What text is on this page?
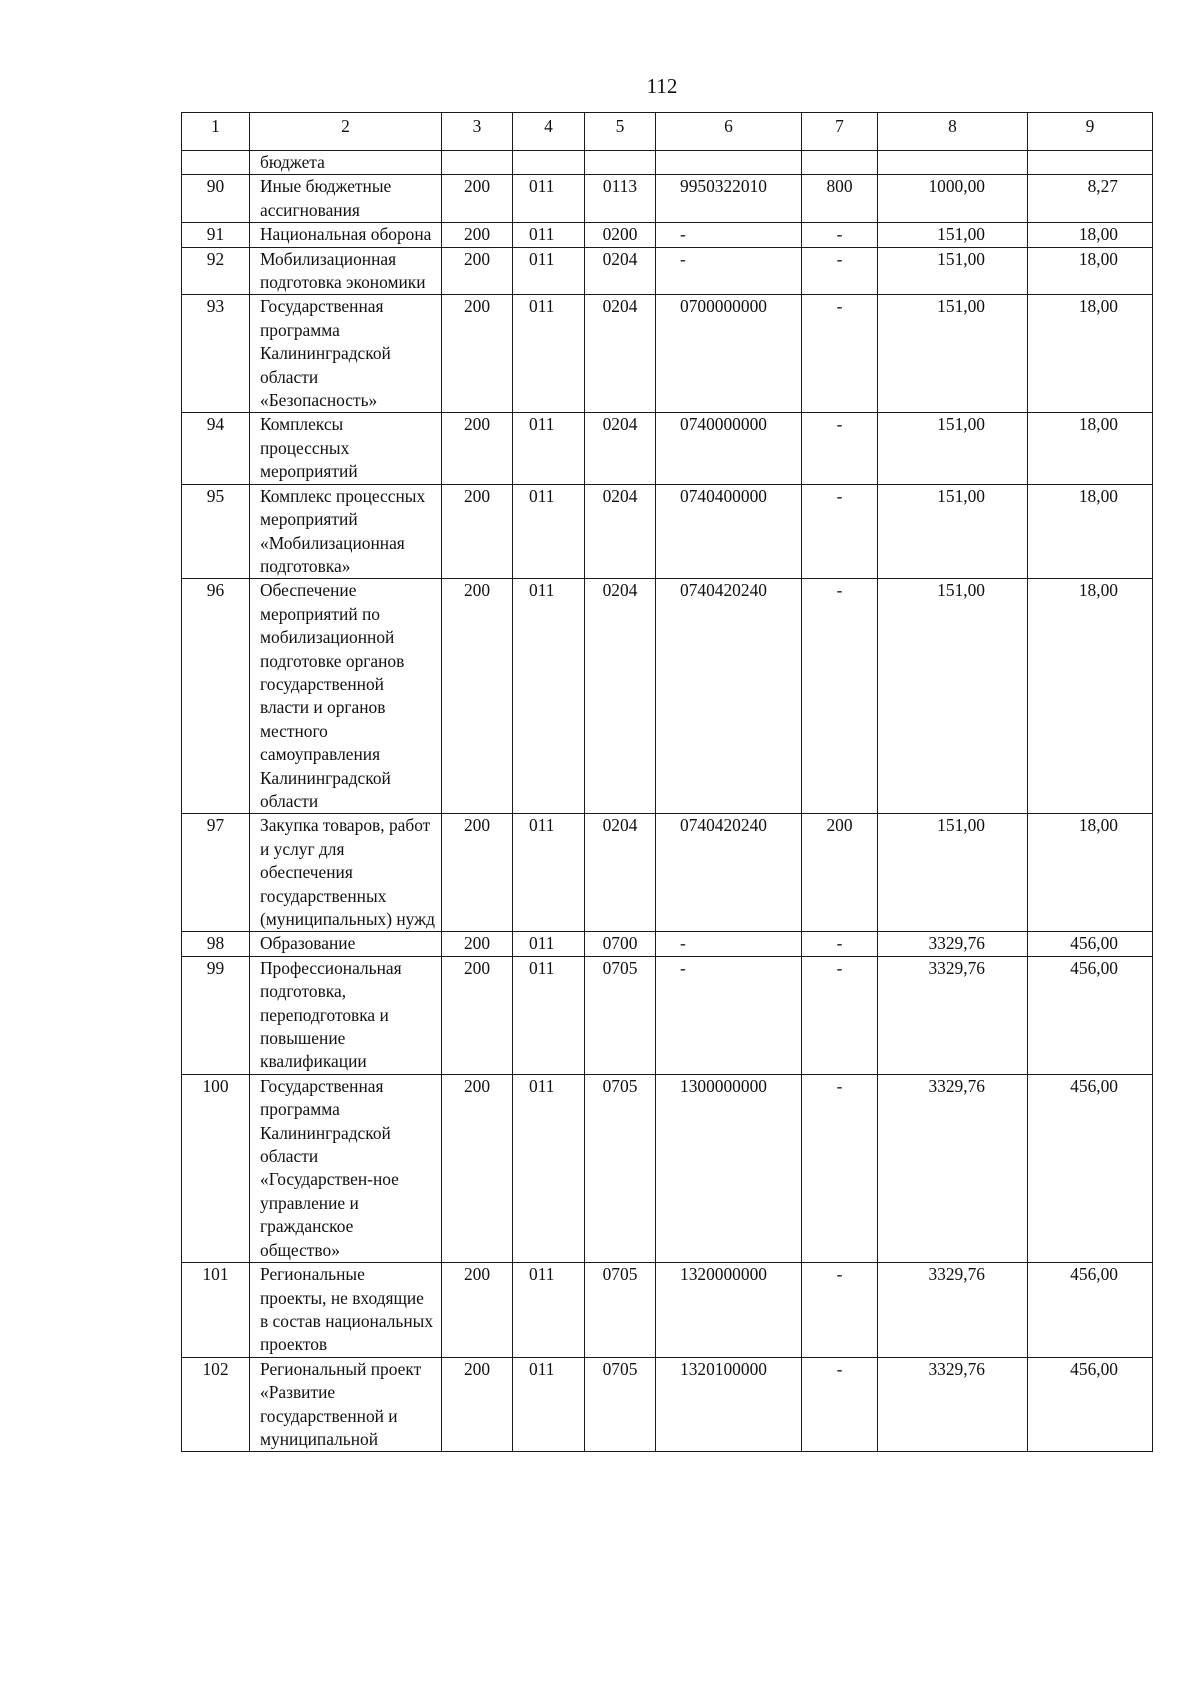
112
1	2	3	4	5	6	7	8	9
	бюджета							
90	Иные бюджетные ассигнования	200	011	0113	9950322010	800	1000,00	8,27
91	Национальная оборона	200	011	0200	-	-	151,00	18,00
92	Мобилизационная подготовка экономики	200	011	0204	-	-	151,00	18,00
93	Государственная программа Калининградской области «Безопасность»	200	011	0204	0700000000	-	151,00	18,00
94	Комплексы процессных мероприятий	200	011	0204	0740000000	-	151,00	18,00
95	Комплекс процессных мероприятий «Мобилизационная подготовка»	200	011	0204	0740400000	-	151,00	18,00
96	Обеспечение мероприятий по мобилизационной подготовке органов государственной власти и органов местного самоуправления Калининградской области	200	011	0204	0740420240	-	151,00	18,00
97	Закупка товаров, работ и услуг для обеспечения государственных (муниципальных) нужд	200	011	0204	0740420240	200	151,00	18,00
98	Образование	200	011	0700	-	-	3329,76	456,00
99	Профессиональная подготовка, переподготовка и повышение квалификации	200	011	0705	-	-	3329,76	456,00
100	Государственная программа Калининградской области «Государствен-ное управление и гражданское общество»	200	011	0705	1300000000	-	3329,76	456,00
101	Региональные проекты, не входящие в состав национальных проектов	200	011	0705	1320000000	-	3329,76	456,00
102	Региональный проект «Развитие государственной и муниципальной	200	011	0705	1320100000	-	3329,76	456,00
